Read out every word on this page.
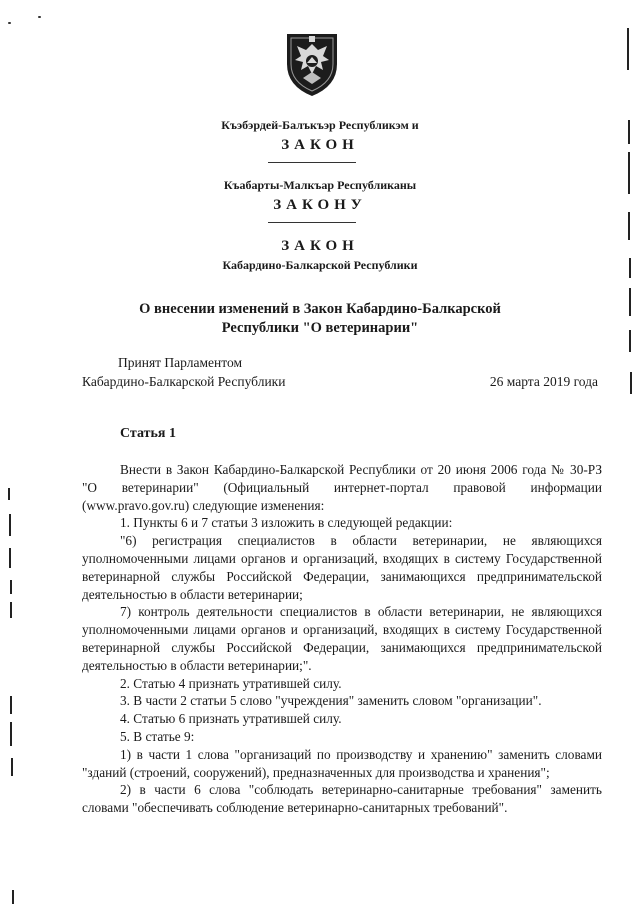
Къэбэрдей-Балъкъэр Республикэм и
ЗАКОН
Къабарты-Малкъар Республиканы
ЗАКОНУ
ЗАКОН
Кабардино-Балкарской Республики
О внесении изменений в Закон Кабардино-Балкарской
Республики "О ветеринарии"
Принят Парламентом
Кабардино-Балкарской Республики	26 марта 2019 года
Статья 1

Внести в Закон Кабардино-Балкарской Республики от 20 июня 2006 года № 30-РЗ "О ветеринарии" (Официальный интернет-портал правовой информации (www.pravo.gov.ru) следующие изменения:

1. Пункты 6 и 7 статьи 3 изложить в следующей редакции:

"6) регистрация специалистов в области ветеринарии, не являющихся уполномоченными лицами органов и организаций, входящих в систему Государственной ветеринарной службы Российской Федерации, занимающихся предпринимательской деятельностью в области ветеринарии;

7) контроль деятельности специалистов в области ветеринарии, не являющихся уполномоченными лицами органов и организаций, входящих в систему Государственной ветеринарной службы Российской Федерации, занимающихся предпринимательской деятельностью в области ветеринарии;".

2. Статью 4 признать утратившей силу.

3. В части 2 статьи 5 слово "учреждения" заменить словом "организации".

4. Статью 6 признать утратившей силу.

5. В статье 9:

1) в части 1 слова "организаций по производству и хранению" заменить словами "зданий (строений, сооружений), предназначенных для производства и хранения";

2) в части 6 слова "соблюдать ветеринарно-санитарные требования" заменить словами "обеспечивать соблюдение ветеринарно-санитарных требований".
